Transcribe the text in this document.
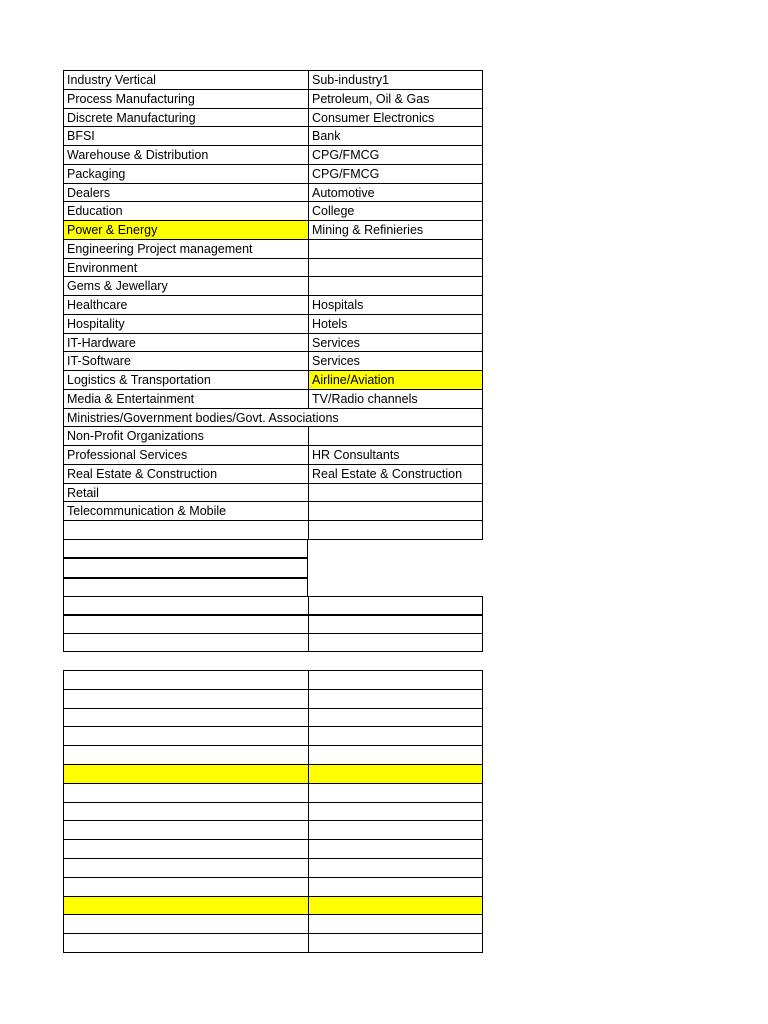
Industry Vertical	Sub-industry1
Process Manufacturing	Petroleum, Oil & Gas
Discrete Manufacturing	Consumer Electronics
BFSI	Bank
Warehouse & Distribution	CPG/FMCG
Packaging	CPG/FMCG
Dealers	Automotive
Education	College
Power & Energy	Mining & Refinieries
Engineering Project management
Environment
Gems & Jewellary
Healthcare	Hospitals
Hospitality	Hotels
IT-Hardware	Services
IT-Software	Services
Logistics & Transportation	Airline/Aviation
Media & Entertainment	TV/Radio channels
Ministries/Government bodies/Govt. Associations
Non-Profit Organizations
Professional Services	HR Consultants
Real Estate & Construction	Real Estate & Construction
Retail
Telecommunication & Mobile
